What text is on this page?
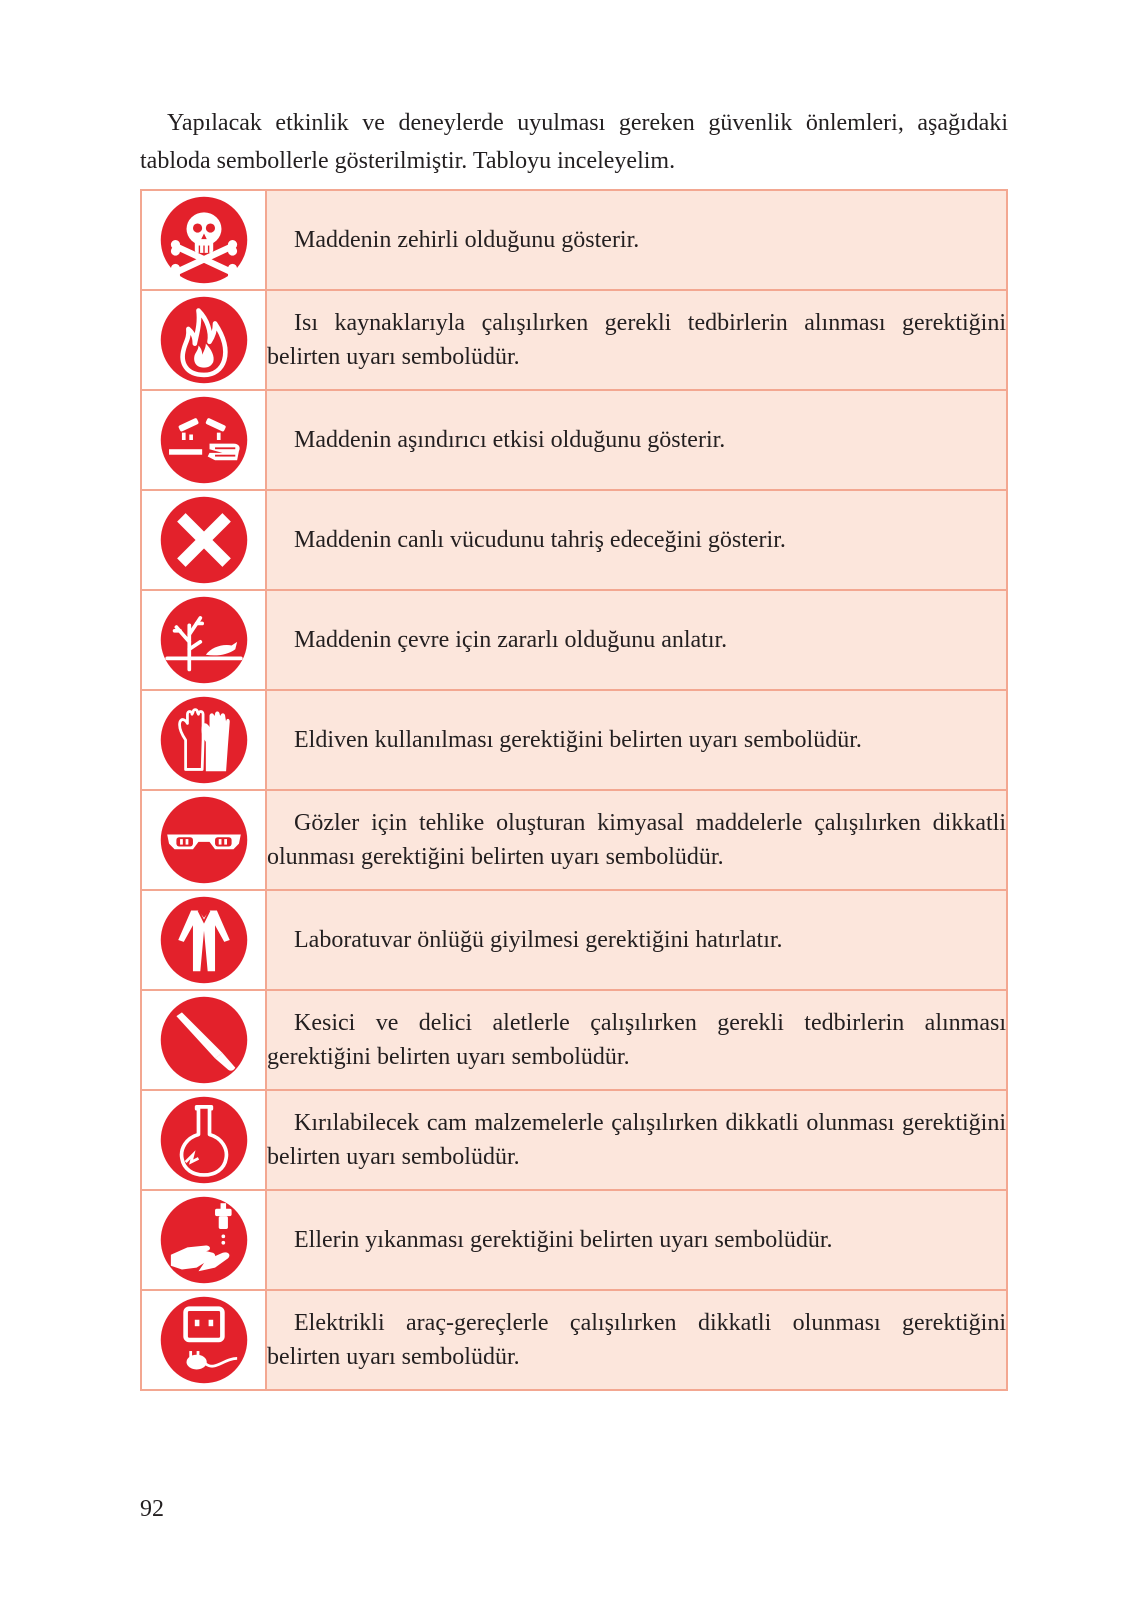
Yapılacak etkinlik ve deneylerde uyulması gereken güvenlik önlemleri, aşağıdaki tabloda sembollerle gösterilmiştir. Tabloyu inceleyelim.

Maddenin zehirli olduğunu gösterir.

Isı kaynaklarıyla çalışılırken gerekli tedbirlerin alınması gerektiğini belirten uyarı sembolüdür.

Maddenin aşındırıcı etkisi olduğunu gösterir.

Maddenin canlı vücudunu tahriş edeceğini gösterir.

Maddenin çevre için zararlı olduğunu anlatır.

Eldiven kullanılması gerektiğini belirten uyarı sembolüdür.

Gözler için tehlike oluşturan kimyasal maddelerle çalışılırken dikkatli olunması gerektiğini belirten uyarı sembolüdür.

Laboratuvar önlüğü giyilmesi gerektiğini hatırlatır.

Kesici ve delici aletlerle çalışılırken gerekli tedbirlerin alınması gerektiğini belirten uyarı sembolüdür.

Kırılabilecek cam malzemelerle çalışılırken dikkatli olunması gerektiğini belirten uyarı sembolüdür.

Ellerin yıkanması gerektiğini belirten uyarı sembolüdür.

Elektrikli araç-gereçlerle çalışılırken dikkatli olunması gerektiğini belirten uyarı sembolüdür.
92
